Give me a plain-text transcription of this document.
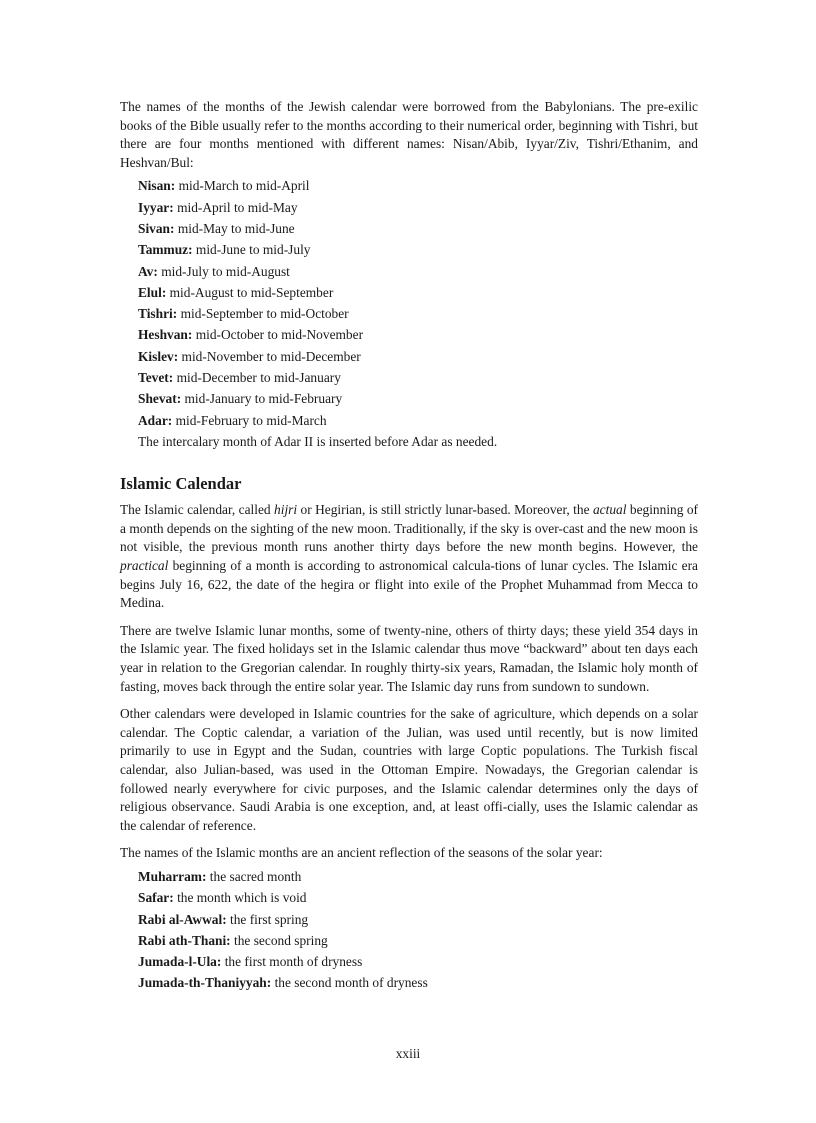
The names of the months of the Jewish calendar were borrowed from the Babylonians. The pre-exilic books of the Bible usually refer to the months according to their numerical order, beginning with Tishri, but there are four months mentioned with different names: Nisan/Abib, Iyyar/Ziv, Tishri/Ethanim, and Heshvan/Bul:

Nisan: mid-March to mid-April

Iyyar: mid-April to mid-May

Sivan: mid-May to mid-June

Tammuz: mid-June to mid-July

Av: mid-July to mid-August

Elul: mid-August to mid-September

Tishri: mid-September to mid-October

Heshvan: mid-October to mid-November

Kislev: mid-November to mid-December

Tevet: mid-December to mid-January

Shevat: mid-January to mid-February

Adar: mid-February to mid-March

The intercalary month of Adar II is inserted before Adar as needed.

Islamic Calendar

The Islamic calendar, called hijri or Hegirian, is still strictly lunar-based. Moreover, the actual beginning of a month depends on the sighting of the new moon. Traditionally, if the sky is over-cast and the new moon is not visible, the previous month runs another thirty days before the new month begins. However, the practical beginning of a month is according to astronomical calcula-tions of lunar cycles. The Islamic era begins July 16, 622, the date of the hegira or flight into exile of the Prophet Muhammad from Mecca to Medina.

There are twelve Islamic lunar months, some of twenty-nine, others of thirty days; these yield 354 days in the Islamic year. The fixed holidays set in the Islamic calendar thus move “backward” about ten days each year in relation to the Gregorian calendar. In roughly thirty-six years, Ramadan, the Islamic holy month of fasting, moves back through the entire solar year. The Islamic day runs from sundown to sundown.

Other calendars were developed in Islamic countries for the sake of agriculture, which depends on a solar calendar. The Coptic calendar, a variation of the Julian, was used until recently, but is now limited primarily to use in Egypt and the Sudan, countries with large Coptic populations. The Turkish fiscal calendar, also Julian-based, was used in the Ottoman Empire. Nowadays, the Gregorian calendar is followed nearly everywhere for civic purposes, and the Islamic calendar determines only the days of religious observance. Saudi Arabia is one exception, and, at least offi-cially, uses the Islamic calendar as the calendar of reference.

The names of the Islamic months are an ancient reflection of the seasons of the solar year:

Muharram: the sacred month

Safar: the month which is void

Rabi al-Awwal: the first spring

Rabi ath-Thani: the second spring

Jumada-l-Ula: the first month of dryness

Jumada-th-Thaniyyah: the second month of dryness

xxiii
